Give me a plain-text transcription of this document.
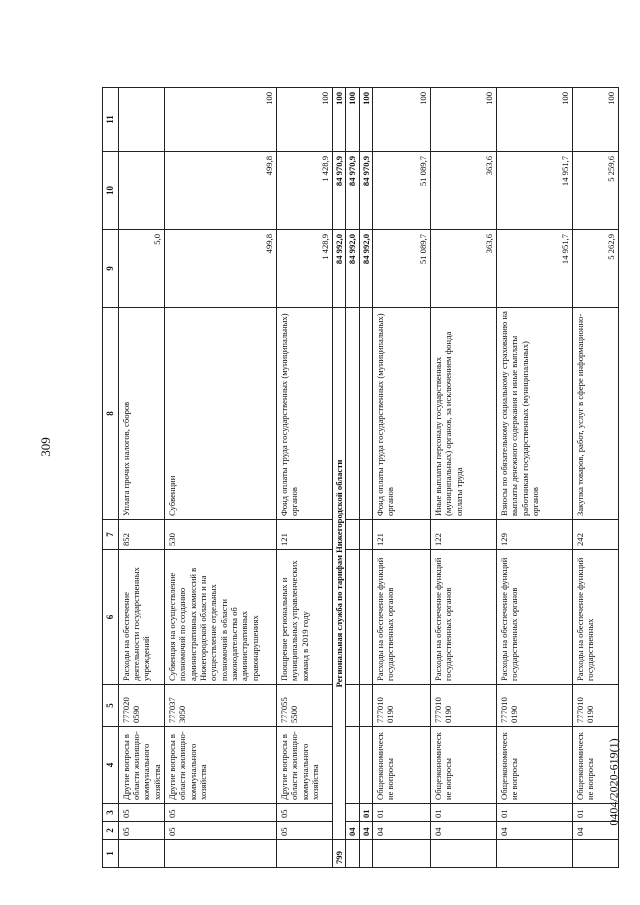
309
0404/2020-619(1)
1	2	3	4	5	6	7	8	9	10	11
	05	05	Другие вопросы в области жилищно-коммунального хозяйства	777020 0590	Расходы на обеспечение деятельности государственных учреждений	852	Уплата прочих налогов, сборов	5,0		
	05	05	Другие вопросы в области жилищно-коммунального хозяйства	777037 3050	Субвенция на осуществление полномочий по созданию административных комиссий в Нижегородской области и на осуществление отдельных полномочий в области законодательства об административных правонарушениях	530	Субвенции	499,8	499,8	100
	05	05	Другие вопросы в области жилищно-коммунального хозяйства	777055 5500	Поощрение региональных и муниципальных управленческих команд в 2019 году	121	Фонд оплаты труда государственных (муниципальных) органов	1 428,9	1 428,9	100
799	Региональная служба по тарифам Нижегородской области							84 992,0	84 970,9	100
	04							84 992,0	84 970,9	100
	04	01						84 992,0	84 970,9	100
	04	01	Общеэкономические вопросы	777010 0190	Расходы на обеспечение функций государственных органов	121	Фонд оплаты труда государственных (муниципальных) органов	51 089,7	51 089,7	100
	04	01	Общеэкономические вопросы	777010 0190	Расходы на обеспечение функций государственных органов	122	Иные выплаты персоналу государственных (муниципальных) органов, за исключением фонда оплаты труда	363,6	363,6	100
	04	01	Общеэкономические вопросы	777010 0190	Расходы на обеспечение функций государственных органов	129	Взносы по обязательному социальному страхованию на выплаты денежного содержания и иные выплаты работникам государственных (муниципальных) органов	14 951,7	14 951,7	100
	04	01	Общеэкономические вопросы	777010 0190	Расходы на обеспечение функций государственных	242	Закупка товаров, работ, услуг в сфере информационно-	5 262,9	5 259,6	100
